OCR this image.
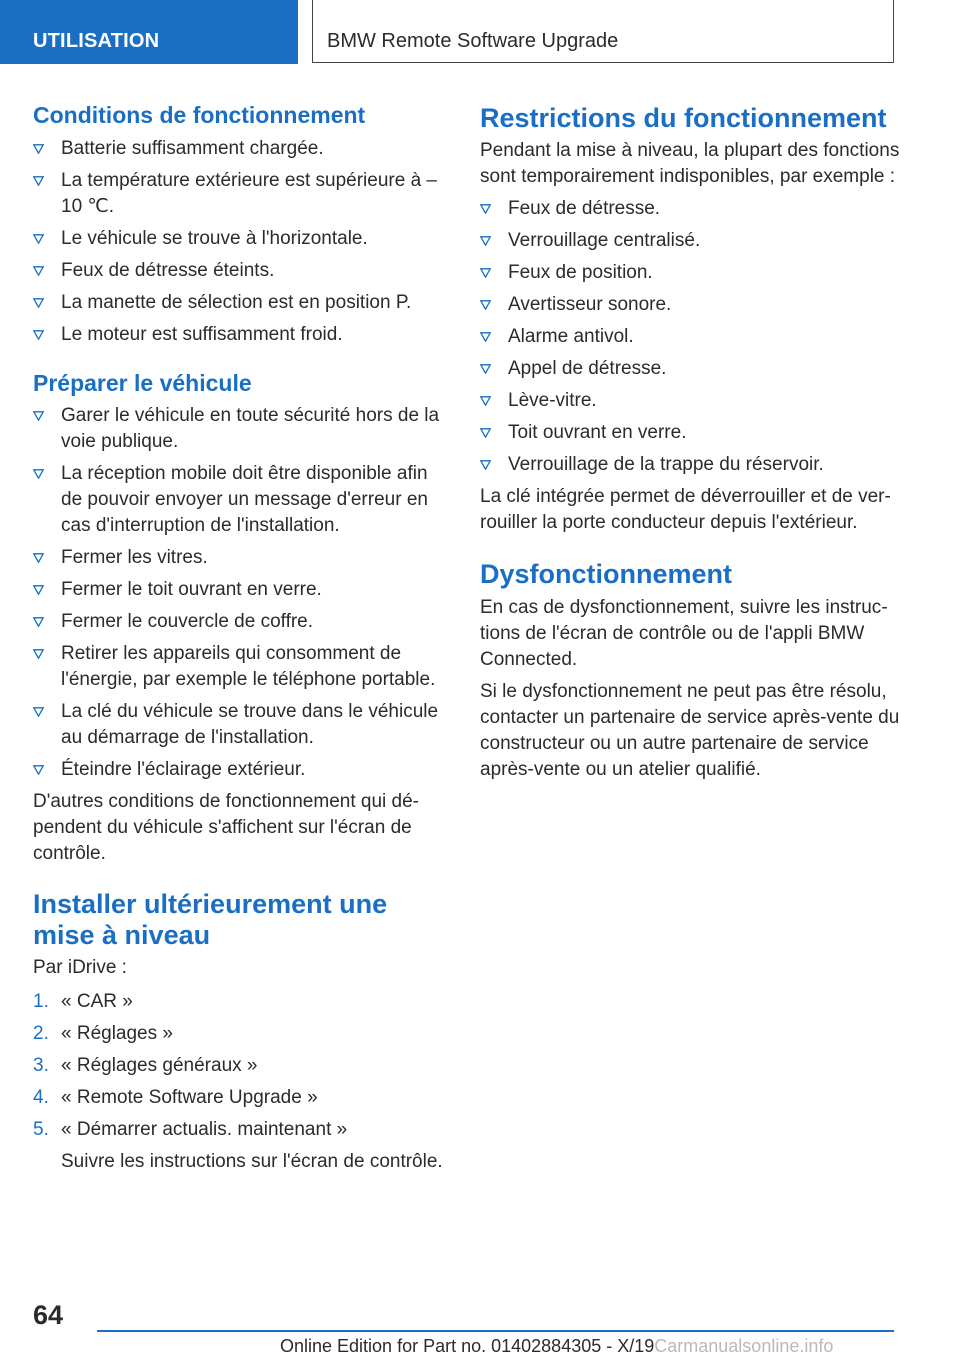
UTILISATION	BMW Remote Software Upgrade
Conditions de fonctionnement
Batterie suffisamment chargée.
La température extérieure est supérieure à –10 ℃.
Le véhicule se trouve à l'horizontale.
Feux de détresse éteints.
La manette de sélection est en position P.
Le moteur est suffisamment froid.
Préparer le véhicule
Garer le véhicule en toute sécurité hors de la voie publique.
La réception mobile doit être disponible afin de pouvoir envoyer un message d'erreur en cas d'interruption de l'installation.
Fermer les vitres.
Fermer le toit ouvrant en verre.
Fermer le couvercle de coffre.
Retirer les appareils qui consomment de l'énergie, par exemple le téléphone portable.
La clé du véhicule se trouve dans le véhicule au démarrage de l'installation.
Éteindre l'éclairage extérieur.

D'autres conditions de fonctionnement qui dépendent du véhicule s'affichent sur l'écran de contrôle.

Installer ultérieurement une mise à niveau

Par iDrive :

1. « CAR »
2. « Réglages »
3. « Réglages généraux »
4. « Remote Software Upgrade »
5. « Démarrer actualis. maintenant »

Suivre les instructions sur l'écran de contrôle.

Restrictions du fonctionnement

Pendant la mise à niveau, la plupart des fonctions sont temporairement indisponibles, par exemple :

Feux de détresse.
Verrouillage centralisé.
Feux de position.
Avertisseur sonore.
Alarme antivol.
Appel de détresse.
Lève-vitre.
Toit ouvrant en verre.
Verrouillage de la trappe du réservoir.

La clé intégrée permet de déverrouiller et de verrouiller la porte conducteur depuis l'extérieur.

Dysfonctionnement

En cas de dysfonctionnement, suivre les instructions de l'écran de contrôle ou de l'appli BMW Connected.

Si le dysfonctionnement ne peut pas être résolu, contacter un partenaire de service après-vente du constructeur ou un autre partenaire de service après-vente ou un atelier qualifié.

64
Online Edition for Part no. 01402884305 - X/19Carmanualsonline.info
